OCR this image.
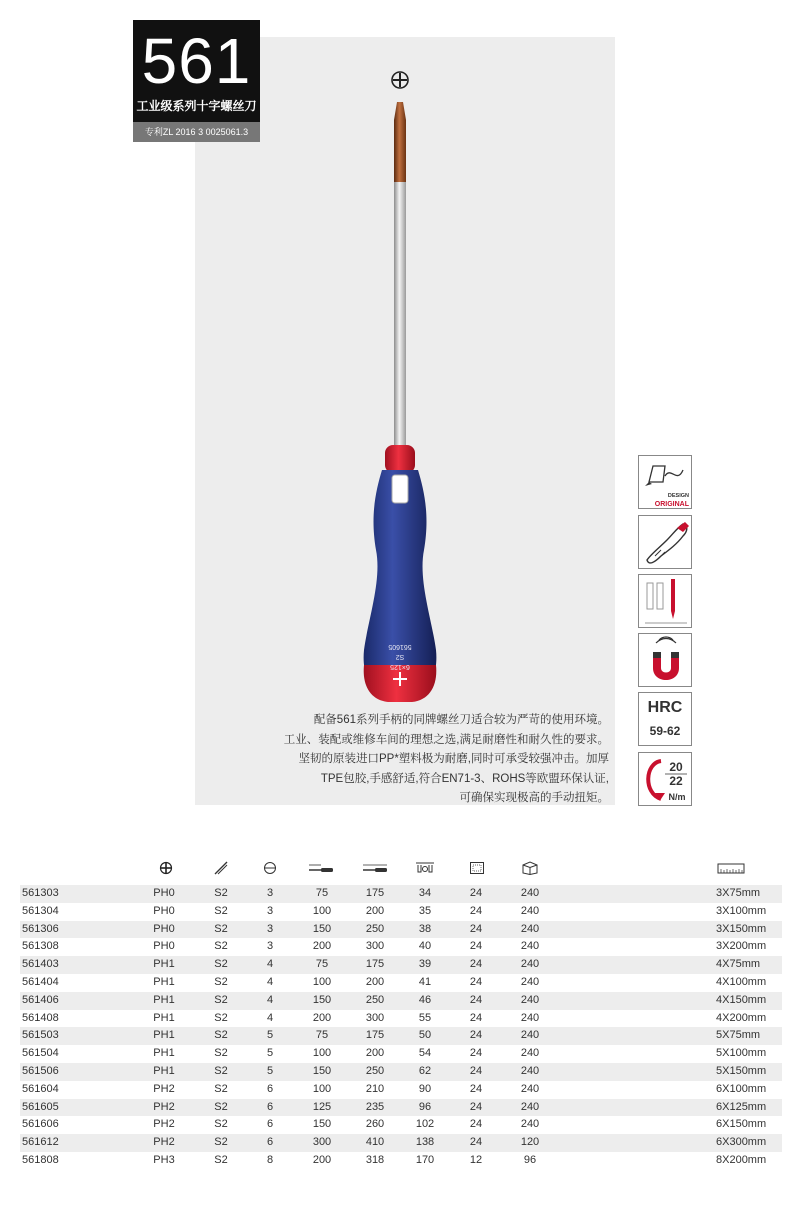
561
工业级系列十字螺丝刀
专利ZL 2016 3 0025061.3
6×125
S2
561605
配备561系列手柄的同牌螺丝刀适合较为严苛的使用环境。
工业、装配或维修车间的理想之选,满足耐磨性和耐久性的要求。
坚韧的原装进口PP*塑料极为耐磨,同时可承受较强冲击。加厚
TPE包胶,手感舒适,符合EN71-3、ROHS等欧盟环保认证,
可确保实现极高的手动扭矩。
DESIGN
ORIGINAL
HRC
59-62
20
22
N/m
561303	PH0	S2	3	75	175	34	24	240	3X75mm
561304	PH0	S2	3	100	200	35	24	240	3X100mm
561306	PH0	S2	3	150	250	38	24	240	3X150mm
561308	PH0	S2	3	200	300	40	24	240	3X200mm
561403	PH1	S2	4	75	175	39	24	240	4X75mm
561404	PH1	S2	4	100	200	41	24	240	4X100mm
561406	PH1	S2	4	150	250	46	24	240	4X150mm
561408	PH1	S2	4	200	300	55	24	240	4X200mm
561503	PH1	S2	5	75	175	50	24	240	5X75mm
561504	PH1	S2	5	100	200	54	24	240	5X100mm
561506	PH1	S2	5	150	250	62	24	240	5X150mm
561604	PH2	S2	6	100	210	90	24	240	6X100mm
561605	PH2	S2	6	125	235	96	24	240	6X125mm
561606	PH2	S2	6	150	260	102	24	240	6X150mm
561612	PH2	S2	6	300	410	138	24	120	6X300mm
561808	PH3	S2	8	200	318	170	12	96	8X200mm
